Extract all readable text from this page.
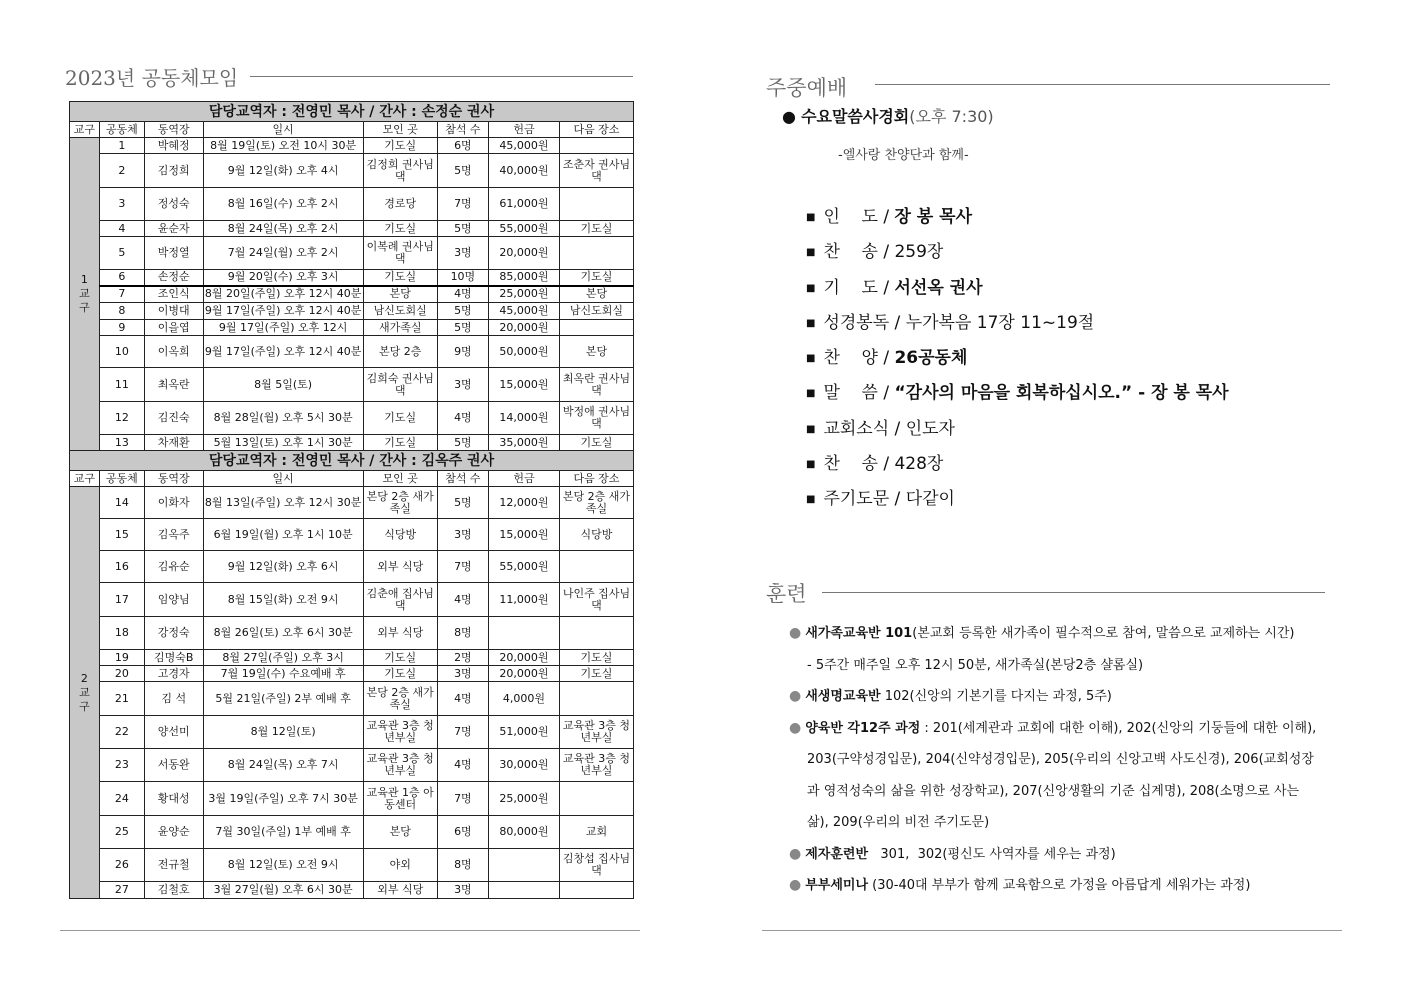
2023년 공동체모임
담당교역자 : 전영민 목사 / 간사 : 손정순 권사							
교구	공동체	동역장	일시	모인 곳	참석 수	헌금	다음 장소
1교구	1	박혜정	8월 19일(토) 오전 10시 30분	기도실	6명	45,000원	
	2	김정희	9월 12일(화) 오후 4시	김정희 권사님 댁	5명	40,000원	조춘자 권사님 댁
	3	정성숙	8월 16일(수) 오후 2시	경로당	7명	61,000원	
	4	윤순자	8월 24일(목) 오후 2시	기도실	5명	55,000원	기도실
	5	박정열	7월 24일(월) 오후 2시	이복례 권사님 댁	3명	20,000원	
	6	손정순	9월 20일(수) 오후 3시	기도실	10명	85,000원	기도실
	7	조인식	8월 20일(주일) 오후 12시 40분	본당	4명	25,000원	본당
	8	이병대	9월 17일(주일) 오후 12시 40분	남신도회실	5명	45,000원	남신도회실
	9	이을엽	9월 17일(주일) 오후 12시	새가족실	5명	20,000원	
	10	이옥희	9월 17일(주일) 오후 12시 40분	본당 2층	9명	50,000원	본당
	11	최옥란	8월 5일(토)	김희숙 권사님 댁	3명	15,000원	최옥란 권사님 댁
	12	김진숙	8월 28일(월) 오후 5시 30분	기도실	4명	14,000원	박정애 권사님 댁
	13	차재환	5월 13일(토) 오후 1시 30분	기도실	5명	35,000원	기도실
담당교역자 : 전영민 목사 / 간사 : 김옥주 권사							
교구	공동체	동역장	일시	모인 곳	참석 수	헌금	다음 장소
2교구	14	이화자	8월 13일(주일) 오후 12시 30분	본당 2층 새가족실	5명	12,000원	본당 2층 새가족실
	15	김옥주	6월 19일(월) 오후 1시 10분	식당방	3명	15,000원	식당방
	16	김유순	9월 12일(화) 오후 6시	외부 식당	7명	55,000원	
	17	임양님	8월 15일(화) 오전 9시	김춘애 집사님 댁	4명	11,000원	나인주 집사님 댁
	18	강정숙	8월 26일(토) 오후 6시 30분	외부 식당	8명		
	19	김명숙B	8월 27일(주일) 오후 3시	기도실	2명	20,000원	기도실
	20	고경자	7월 19일(수) 수요예배 후	기도실	3명	20,000원	기도실
	21	김 석	5월 21일(주일) 2부 예배 후	본당 2층 새가족실	4명	4,000원	
	22	양선미	8월 12일(토)	교육관 3층 청년부실	7명	51,000원	교육관 3층 청년부실
	23	서동완	8월 24일(목) 오후 7시	교육관 3층 청년부실	4명	30,000원	교육관 3층 청년부실
	24	황대성	3월 19일(주일) 오후 7시 30분	교육관 1층 아동센터	7명	25,000원	
	25	윤양순	7월 30일(주일) 1부 예배 후	본당	6명	80,000원	교회
	26	전규철	8월 12일(토) 오전 9시	야외	8명		김창섭 집사님 댁
	27	김철호	3월 27일(월) 오후 6시 30분	외부 식당	3명		
주중예배
● 수요말씀사경회(오후 7:30)
-엘사랑 찬양단과 함께-
■ 인    도 / 장 봉 목사
■ 찬    송 / 259장
■ 기    도 / 서선옥 권사
■ 성경봉독 / 누가복음 17장 11~19절
■ 찬    양 / 26공동체
■ 말    씀 / “감사의 마음을 회복하십시오.” - 장 봉 목사
■ 교회소식 / 인도자
■ 찬    송 / 428장
■ 주기도문 / 다같이
훈련
● 새가족교육반 101(본교회 등록한 새가족이 필수적으로 참여, 말씀으로 교제하는 시간)
- 5주간 매주일 오후 12시 50분, 새가족실(본당2층 샬롬실)
● 새생명교육반 102(신앙의 기본기를 다지는 과정, 5주)
● 양육반 각12주 과정 : 201(세계관과 교회에 대한 이해), 202(신앙의 기둥들에 대한 이해),
203(구약성경입문), 204(신약성경입문), 205(우리의 신앙고백 사도신경), 206(교회성장
과 영적성숙의 삶을 위한 성장학교), 207(신앙생활의 기준 십계명), 208(소명으로 사는
삶), 209(우리의 비전 주기도문)
● 제자훈련반   301,  302(평신도 사역자를 세우는 과정)
● 부부세미나 (30-40대 부부가 함께 교육함으로 가정을 아름답게 세워가는 과정)
